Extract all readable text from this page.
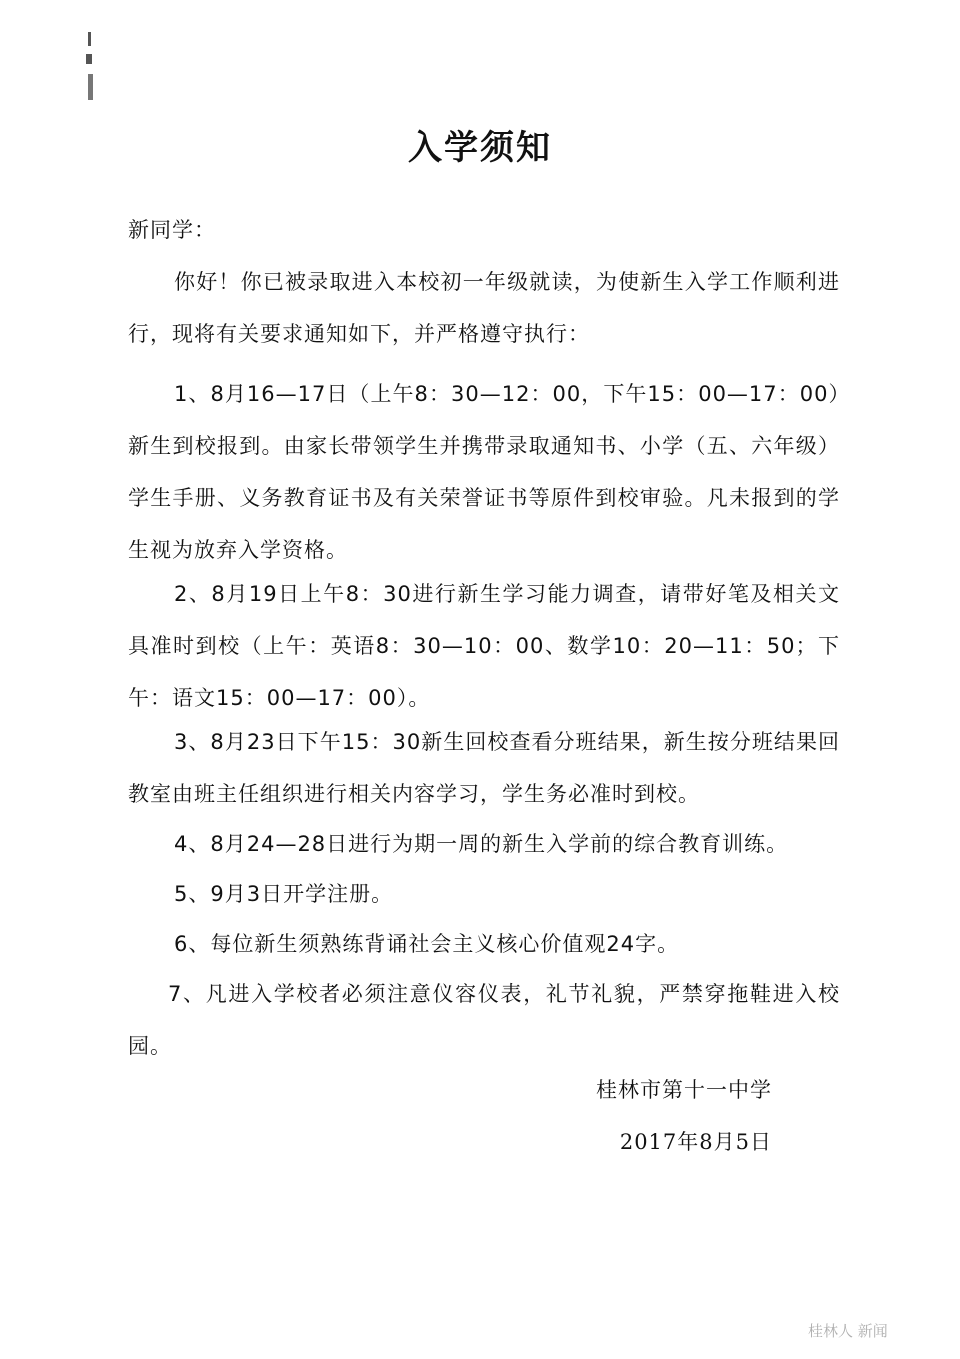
入学须知
新同学：

你好！你已被录取进入本校初一年级就读，为使新生入学工作顺利进行，现将有关要求通知如下，并严格遵守执行：

1、8月16—17日（上午8：30—12：00，下午15：00—17：00）新生到校报到。由家长带领学生并携带录取通知书、小学（五、六年级）学生手册、义务教育证书及有关荣誉证书等原件到校审验。凡未报到的学生视为放弃入学资格。

2、8月19日上午8：30进行新生学习能力调查，请带好笔及相关文具准时到校（上午：英语8：30—10：00、数学10：20—11：50；下午：语文15：00—17：00）。

3、8月23日下午15：30新生回校查看分班结果，新生按分班结果回教室由班主任组织进行相关内容学习，学生务必准时到校。

4、8月24—28日进行为期一周的新生入学前的综合教育训练。

5、9月3日开学注册。

6、每位新生须熟练背诵社会主义核心价值观24字。

7、凡进入学校者必须注意仪容仪表，礼节礼貌，严禁穿拖鞋进入校园。

桂林市第十一中学
2017年8月5日
桂林人 新闻
